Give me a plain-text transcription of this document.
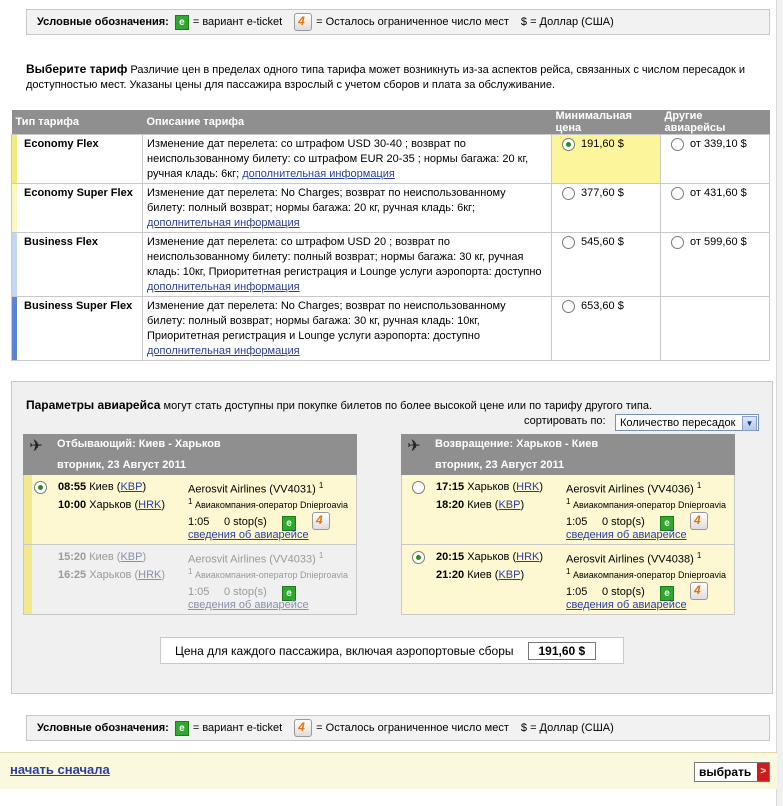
Условные обозначения:	e = вариант e-ticket 4	= Осталось ограниченное число мест $
= Доллар (США)
Выберите тариф Различие цен в пределах одного типа тарифа может возникнуть из-за аспектов рейса, связанных с числом пересадок и доступностью мест. Указаны цены для пассажира взрослый с учетом сборов и плата за обслуживание.
Тип тарифа	Описание тарифа	Минимальная цена	Другие авиарейсы

Economy Flex	Изменение дат перелета: со штрафом USD 30-40 ; возврат по неиспользованному билету: со штрафом EUR 20-35 ; нормы багажа: 20 кг, ручная кладь: 6кг; дополнительная информация	191,60 $	от 339,10 $

Economy Super Flex	Изменение дат перелета: No Charges; возврат по неиспользованному билету: полный возврат; нормы багажа: 20 кг, ручная кладь: 6кг; дополнительная информация	377,60 $	от 431,60 $

Business Flex	Изменение дат перелета: со штрафом USD 20 ; возврат по неиспользованному билету: полный возврат; нормы багажа: 30 кг, ручная кладь: 10кг, Приоритетная регистрация и Lounge услуги аэропорта: доступно дополнительная информация	545,60 $	от 599,60 $

Business Super Flex	Изменение дат перелета: No Charges; возврат по неиспользованному билету: полный возврат; нормы багажа: 30 кг, ручная кладь: 10кг, Приоритетная регистрация и Lounge услуги аэропорта: доступно дополнительная информация	653,60 $	
Параметры авиарейса могут стать доступны при покупке билетов по более высокой цене или по тарифу другого типа.
сортировать по:	Количество пересадок	▼
✈ Отбывающий: Киев - Харьков
вторник, 23 Август 2011
08:55 Киев (KBP)
10:00 Харьков (HRK)
Aerosvit Airlines (VV4031) $^1$
$^1$ Авиакомпания-оператор Dnieproavia
1:05 0 stop(s)	e
4
сведения об авиарейсе
15:20 Киев (KBP)
16:25 Харьков (HRK)
Aerosvit Airlines (VV4033) $^1$
$^1$ Авиакомпания-оператор Dnieproavia
1:05 0 stop(s)	e
сведения об авиарейсе
✈ Возвращение: Харьков - Киев
вторник, 23 Август 2011
17:15 Харьков (HRK)
18:20 Киев (KBP)
Aerosvit Airlines (VV4036) $^1$
$^1$ Авиакомпания-оператор Dnieproavia
1:05 0 stop(s)	e
4
сведения об авиарейсе
20:15 Харьков (HRK)
21:20 Киев (KBP)
Aerosvit Airlines (VV4038) $^1$
$^1$ Авиакомпания-оператор Dnieproavia
1:05 0 stop(s)	e
4
сведения об авиарейсе
Цена для каждого пассажира, включая аэропортовые сборы	191,60 $
Условные обозначения:	e = вариант e-ticket 4	= Осталось ограниченное число мест $
= Доллар (США)
начать сначала	выбрать >
